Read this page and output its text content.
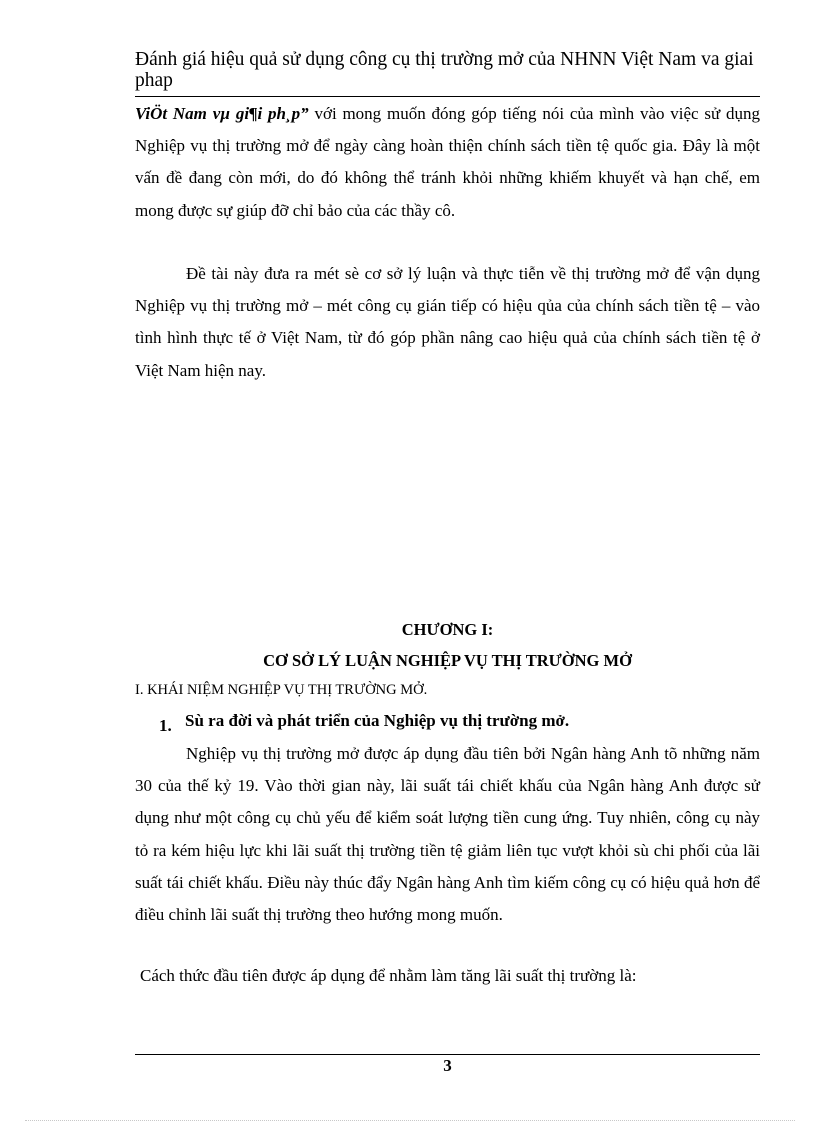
Đánh giá hiệu quả sử dụng công cụ thị trường mở của NHNN Việt Nam va giai phap
ViÖt Nam vµ gi¶i ph¸p” với mong muốn đóng góp tiếng nói của mình vào việc sử dụng Nghiệp vụ thị trường mở để ngày càng hoàn thiện chính sách tiền tệ quốc gia. Đây là một vấn đề đang còn mới, do đó không thể tránh khỏi những khiếm khuyết và hạn chế, em mong được sự giúp đỡ chỉ bảo của các thầy cô.
Đề tài này đưa ra mét sè cơ sở lý luận và thực tiễn về thị trường mở để vận dụng Nghiệp vụ thị trường mở – mét công cụ gián tiếp có hiệu qủa của chính sách tiền tệ – vào tình hình thực tế ở Việt Nam, từ đó góp phần nâng cao hiệu quả của chính sách tiền tệ ở Việt Nam hiện nay.
CHƯƠNG I:
CƠ SỞ LÝ LUẬN NGHIỆP VỤ THỊ TRƯỜNG MỞ
I. KHÁI NIỆM NGHIỆP VỤ THỊ TRƯỜNG MỞ.
1. Sù ra đời và phát triển của Nghiệp vụ thị trường mở.
Nghiệp vụ thị trường mở được áp dụng đầu tiên bởi Ngân hàng Anh tõ những năm 30 của thế kỷ 19. Vào thời gian này, lãi suất tái chiết khấu của Ngân hàng Anh được sử dụng như một công cụ chủ yếu để kiểm soát lượng tiền cung ứng. Tuy nhiên, công cụ này tỏ ra kém hiệu lực khi lãi suất thị trường tiền tệ giảm liên tục vượt khỏi sù chi phối của lãi suất tái chiết khấu. Điều này thúc đẩy Ngân hàng Anh tìm kiếm công cụ có hiệu quả hơn để điều chỉnh lãi suất thị trường theo hướng mong muốn.
Cách thức đầu tiên được áp dụng để nhằm làm tăng lãi suất thị trường là:
3
